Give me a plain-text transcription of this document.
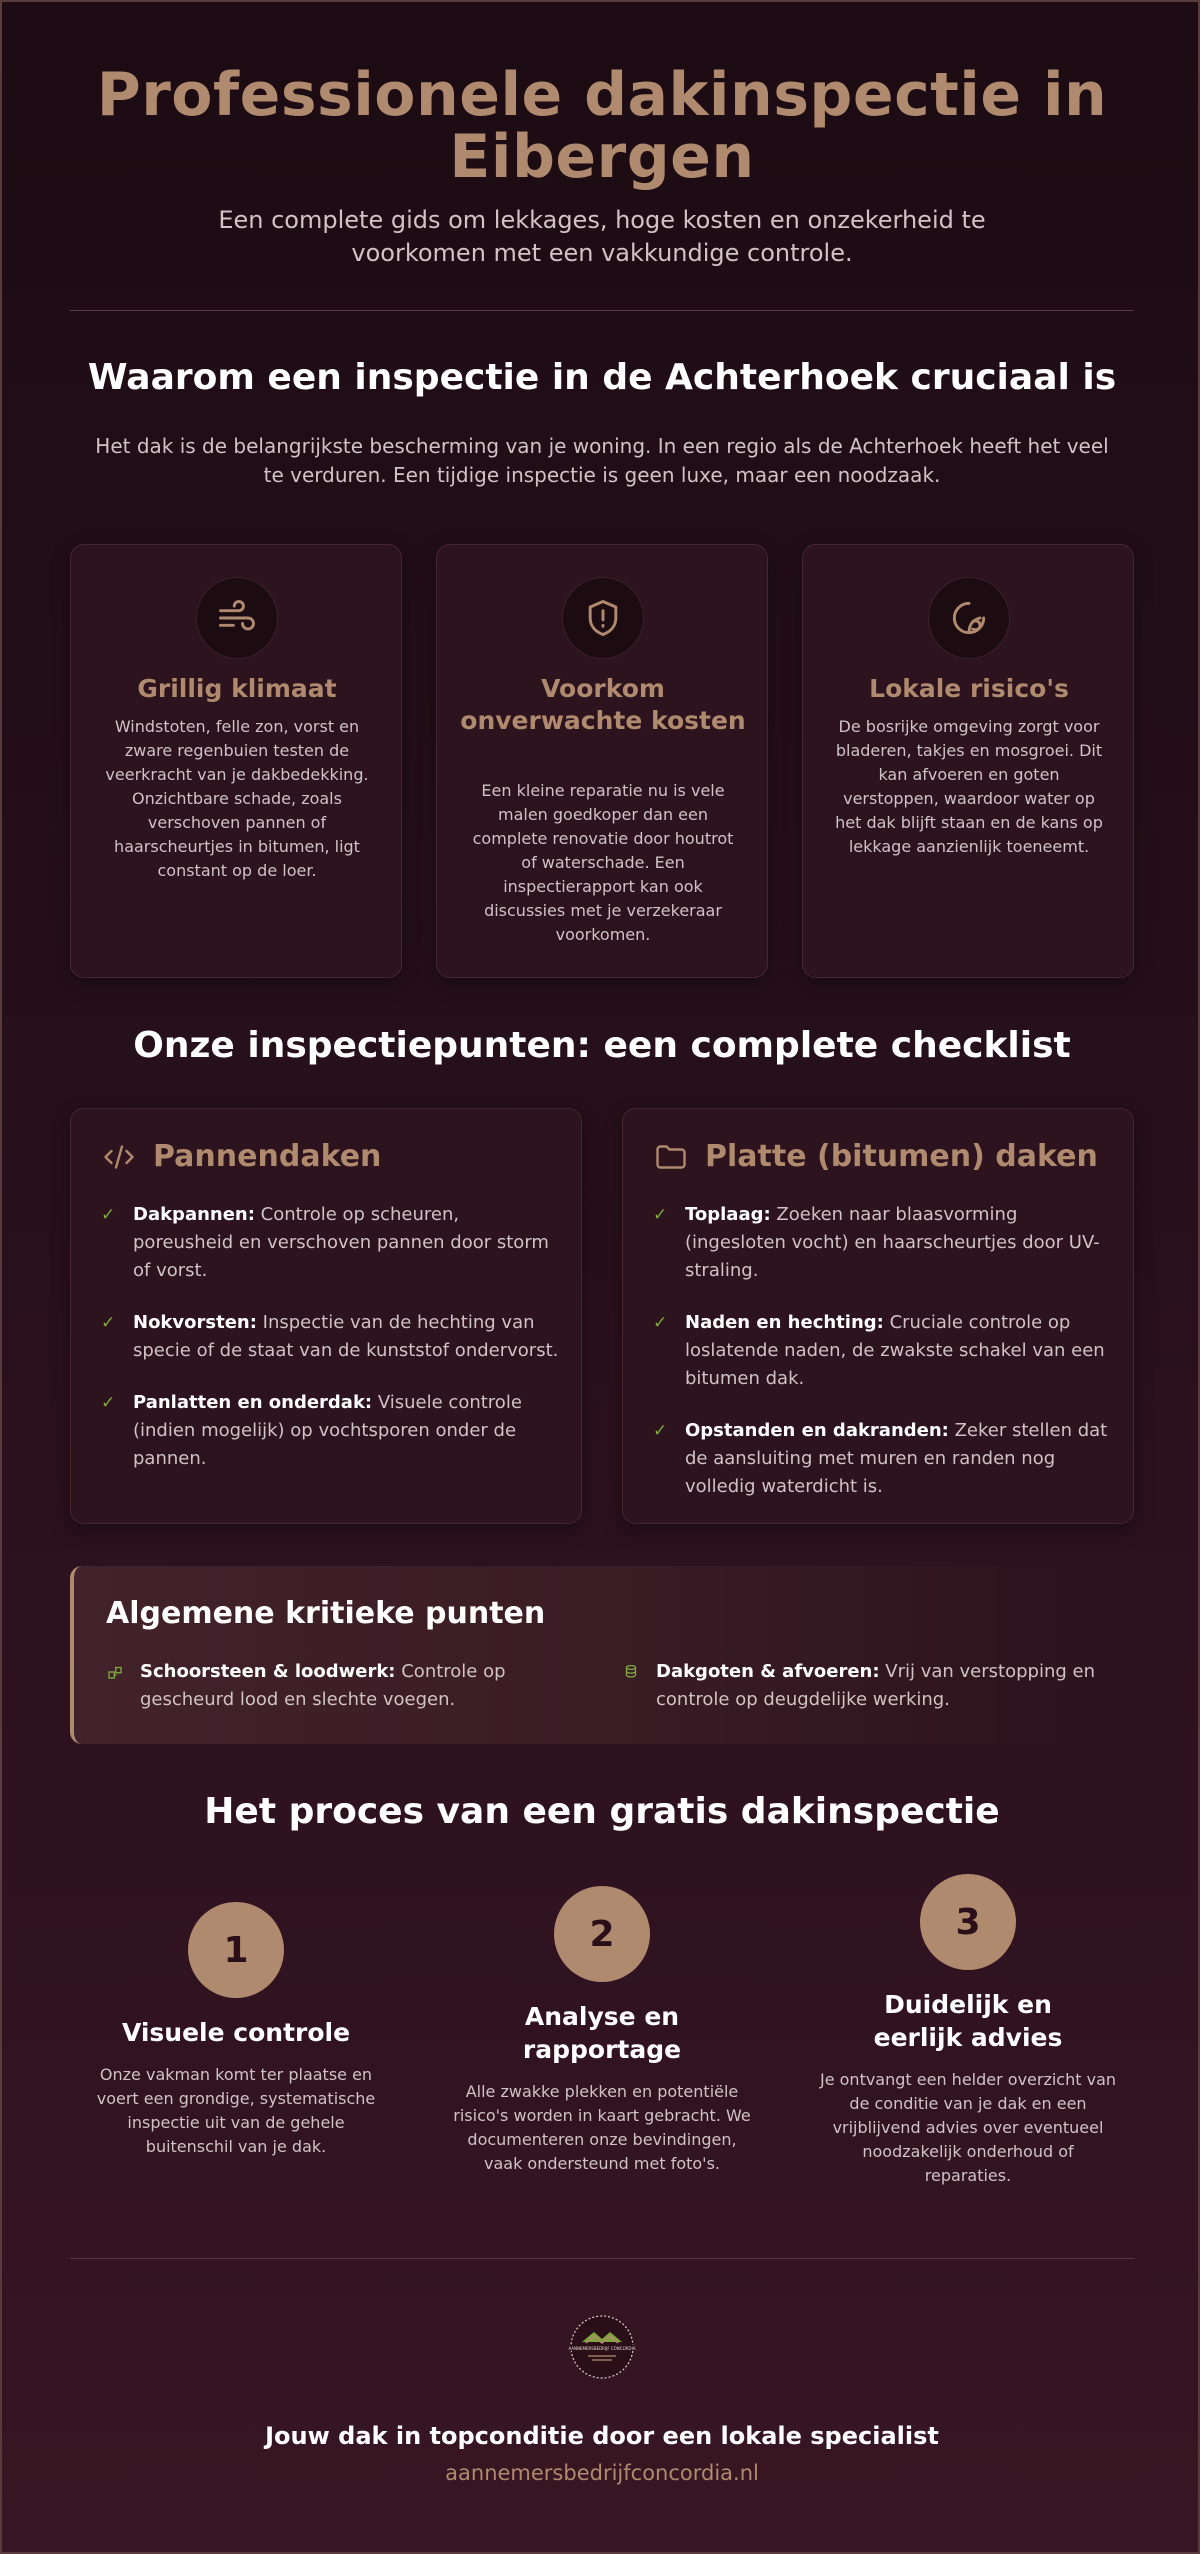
Professionele dakinspectie in Eibergen

Een complete gids om lekkages, hoge kosten en onzekerheid te voorkomen met een vakkundige controle.

Waarom een inspectie in de Achterhoek cruciaal is

Het dak is de belangrijkste bescherming van je woning. In een regio als de Achterhoek heeft het veel te verduren. Een tijdige inspectie is geen luxe, maar een noodzaak.

Grillig klimaat
Windstoten, felle zon, vorst en zware regenbuien testen de veerkracht van je dakbedekking. Onzichtbare schade, zoals verschoven pannen of haarscheurtjes in bitumen, ligt constant op de loer.
Voorkom onverwachte kosten
Een kleine reparatie nu is vele malen goedkoper dan een complete renovatie door houtrot of waterschade. Een inspectierapport kan ook discussies met je verzekeraar voorkomen.
Lokale risico's
De bosrijke omgeving zorgt voor bladeren, takjes en mosgroei. Dit kan afvoeren en goten verstoppen, waardoor water op het dak blijft staan en de kans op lekkage aanzienlijk toeneemt.
Onze inspectiepunten: een complete checklist
Pannendaken
✓ Dakpannen: Controle op scheuren, poreusheid en verschoven pannen door storm of vorst.
✓ Nokvorsten: Inspectie van de hechting van specie of de staat van de kunststof ondervorst.
✓ Panlatten en onderdak: Visuele controle (indien mogelijk) op vochtsporen onder de pannen.
Platte (bitumen) daken
✓ Toplaag: Zoeken naar blaasvorming (ingesloten vocht) en haarscheurtjes door UV-straling.
✓ Naden en hechting: Cruciale controle op loslatende naden, de zwakste schakel van een bitumen dak.
✓ Opstanden en dakranden: Zeker stellen dat de aansluiting met muren en randen nog volledig waterdicht is.
Algemene kritieke punten
Schoorsteen & loodwerk: Controle op gescheurd lood en slechte voegen.
Dakgoten & afvoeren: Vrij van verstopping en controle op deugdelijke werking.
Het proces van een gratis dakinspectie
1
Visuele controle
Onze vakman komt ter plaatse en voert een grondige, systematische inspectie uit van de gehele buitenschil van je dak.
2
Analyse en rapportage
Alle zwakke plekken en potentiële risico's worden in kaart gebracht. We documenteren onze bevindingen, vaak ondersteund met foto's.
3
Duidelijk en eerlijk advies
Je ontvangt een helder overzicht van de conditie van je dak en een vrijblijvend advies over eventueel noodzakelijk onderhoud of reparaties.
AANNEMERSBEDRIJF CONCORDIA
Jouw dak in topconditie door een lokale specialist
aannemersbedrijfconcordia.nl
